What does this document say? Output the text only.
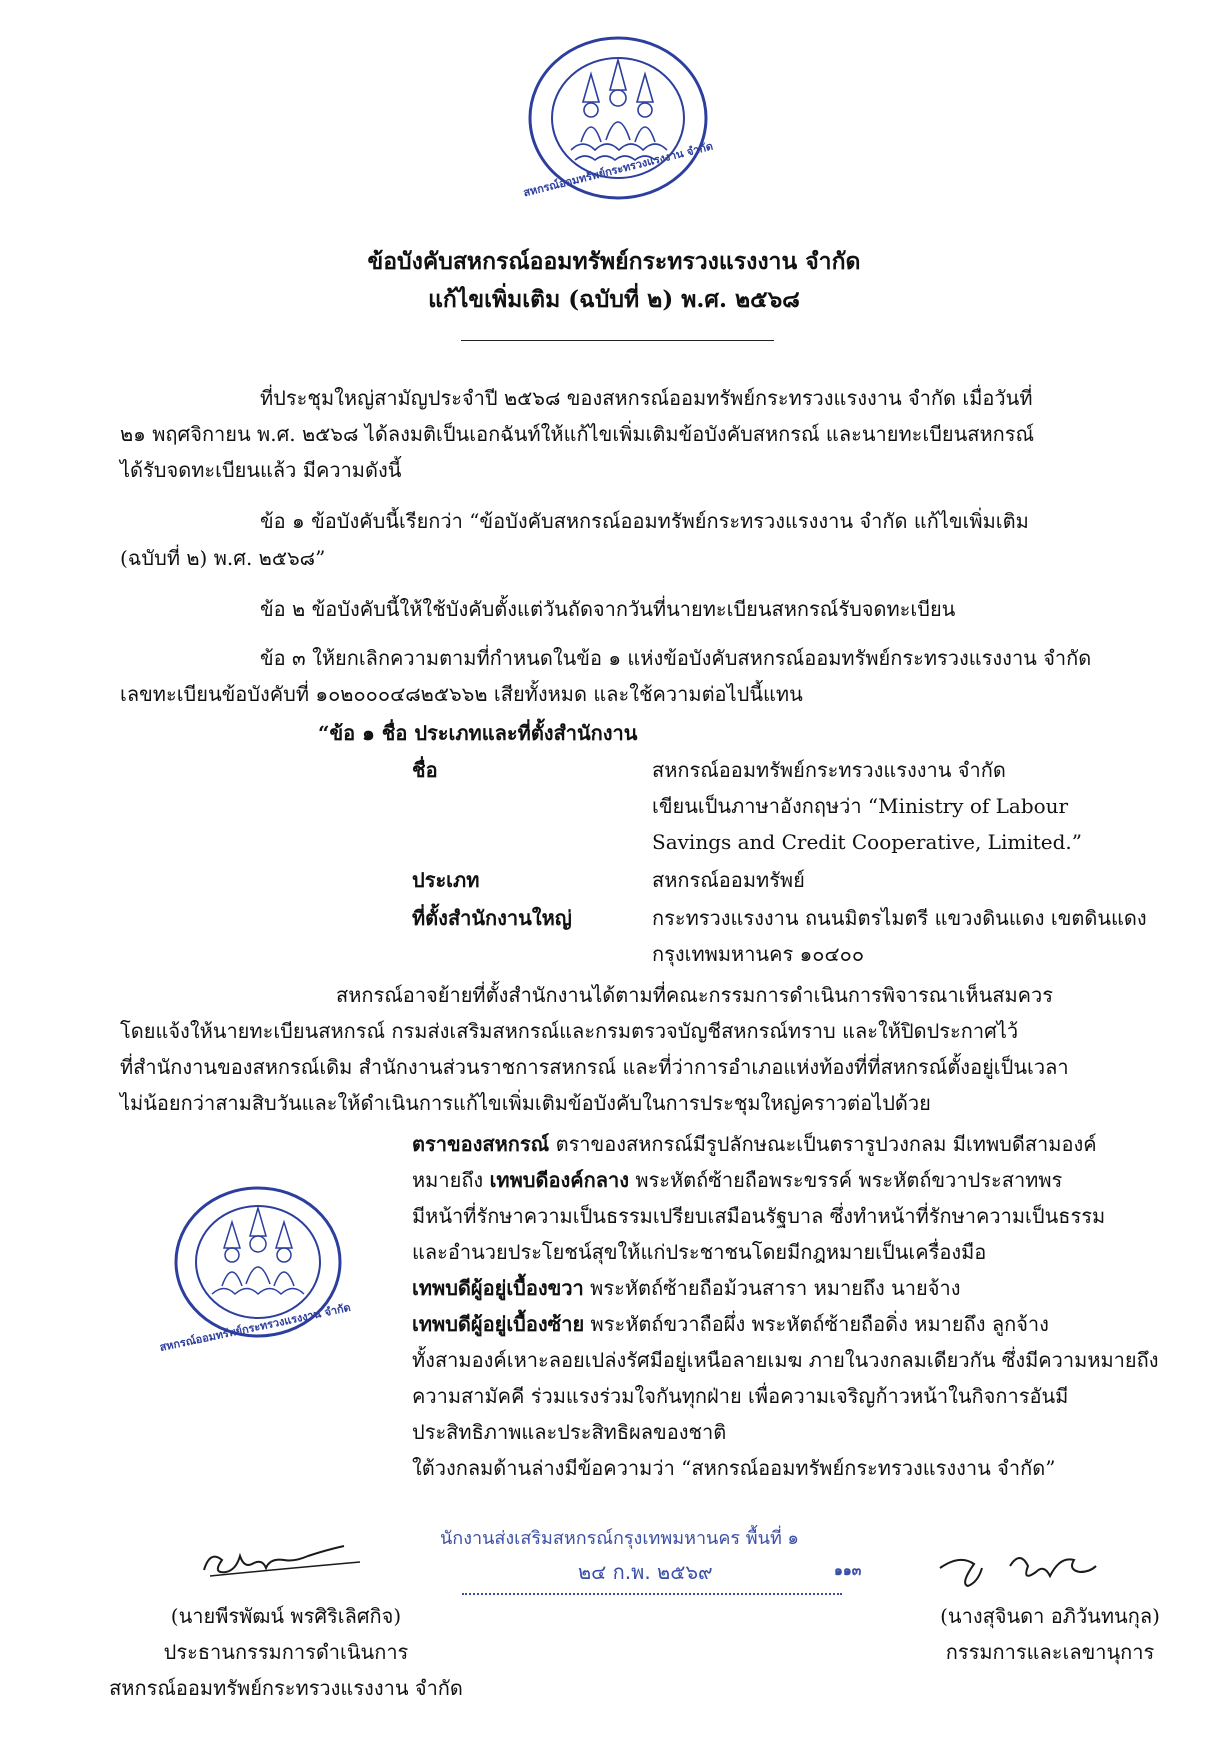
สหกรณ์ออมทรัพย์กระทรวงแรงงาน จำกัด
ข้อบังคับสหกรณ์ออมทรัพย์กระทรวงแรงงาน จำกัด
แก้ไขเพิ่มเติม (ฉบับที่ ๒) พ.ศ. ๒๕๖๘
ที่ประชุมใหญ่สามัญประจำปี ๒๕๖๘ ของสหกรณ์ออมทรัพย์กระทรวงแรงงาน จำกัด เมื่อวันที่
๒๑ พฤศจิกายน พ.ศ. ๒๕๖๘ ได้ลงมติเป็นเอกฉันท์ให้แก้ไขเพิ่มเติมข้อบังคับสหกรณ์ และนายทะเบียนสหกรณ์
ได้รับจดทะเบียนแล้ว มีความดังนี้
ข้อ ๑ ข้อบังคับนี้เรียกว่า “ข้อบังคับสหกรณ์ออมทรัพย์กระทรวงแรงงาน จำกัด แก้ไขเพิ่มเติม
(ฉบับที่ ๒) พ.ศ. ๒๕๖๘”
ข้อ ๒ ข้อบังคับนี้ให้ใช้บังคับตั้งแต่วันถัดจากวันที่นายทะเบียนสหกรณ์รับจดทะเบียน
ข้อ ๓ ให้ยกเลิกความตามที่กำหนดในข้อ ๑ แห่งข้อบังคับสหกรณ์ออมทรัพย์กระทรวงแรงงาน จำกัด
เลขทะเบียนข้อบังคับที่ ๑๐๒๐๐๐๔๘๒๕๖๖๒ เสียทั้งหมด และใช้ความต่อไปนี้แทน
“ข้อ ๑ ชื่อ ประเภทและที่ตั้งสำนักงาน
ชื่อ	สหกรณ์ออมทรัพย์กระทรวงแรงงาน จำกัด
เขียนเป็นภาษาอังกฤษว่า “Ministry of Labour
Savings and Credit Cooperative, Limited.”
ประเภท	สหกรณ์ออมทรัพย์
ที่ตั้งสำนักงานใหญ่	กระทรวงแรงงาน ถนนมิตรไมตรี แขวงดินแดง เขตดินแดง
กรุงเทพมหานคร ๑๐๔๐๐
สหกรณ์อาจย้ายที่ตั้งสำนักงานได้ตามที่คณะกรรมการดำเนินการพิจารณาเห็นสมควร
โดยแจ้งให้นายทะเบียนสหกรณ์ กรมส่งเสริมสหกรณ์และกรมตรวจบัญชีสหกรณ์ทราบ และให้ปิดประกาศไว้
ที่สำนักงานของสหกรณ์เดิม สำนักงานส่วนราชการสหกรณ์ และที่ว่าการอำเภอแห่งท้องที่ที่สหกรณ์ตั้งอยู่เป็นเวลา
ไม่น้อยกว่าสามสิบวันและให้ดำเนินการแก้ไขเพิ่มเติมข้อบังคับในการประชุมใหญ่คราวต่อไปด้วย
สหกรณ์ออมทรัพย์กระทรวงแรงงาน จำกัด
ตราของสหกรณ์ ตราของสหกรณ์มีรูปลักษณะเป็นตรารูปวงกลม มีเทพบดีสามองค์
หมายถึง เทพบดีองค์กลาง พระหัตถ์ซ้ายถือพระขรรค์ พระหัตถ์ขวาประสาทพร
มีหน้าที่รักษาความเป็นธรรมเปรียบเสมือนรัฐบาล ซึ่งทำหน้าที่รักษาความเป็นธรรม
และอำนวยประโยชน์สุขให้แก่ประชาชนโดยมีกฎหมายเป็นเครื่องมือ
เทพบดีผู้อยู่เบื้องขวา พระหัตถ์ซ้ายถือม้วนสารา หมายถึง นายจ้าง
เทพบดีผู้อยู่เบื้องซ้าย พระหัตถ์ขวาถือผึ่ง พระหัตถ์ซ้ายถือดิ่ง หมายถึง ลูกจ้าง
ทั้งสามองค์เหาะลอยเปล่งรัศมีอยู่เหนือลายเมฆ ภายในวงกลมเดียวกัน ซึ่งมีความหมายถึง
ความสามัคคี ร่วมแรงร่วมใจกันทุกฝ่าย เพื่อความเจริญก้าวหน้าในกิจการอันมี
ประสิทธิภาพและประสิทธิผลของชาติ
ใต้วงกลมด้านล่างมีข้อความว่า “สหกรณ์ออมทรัพย์กระทรวงแรงงาน จำกัด”
นักงานส่งเสริมสหกรณ์กรุงเทพมหานคร พื้นที่ ๑
๒๔ ก.พ. ๒๕๖๙	๑๑๓
(นายพีรพัฒน์ พรศิริเลิศกิจ)
ประธานกรรมการดำเนินการ
สหกรณ์ออมทรัพย์กระทรวงแรงงาน จำกัด
(นางสุจินดา อภิวันทนกุล)
กรรมการและเลขานุการ
